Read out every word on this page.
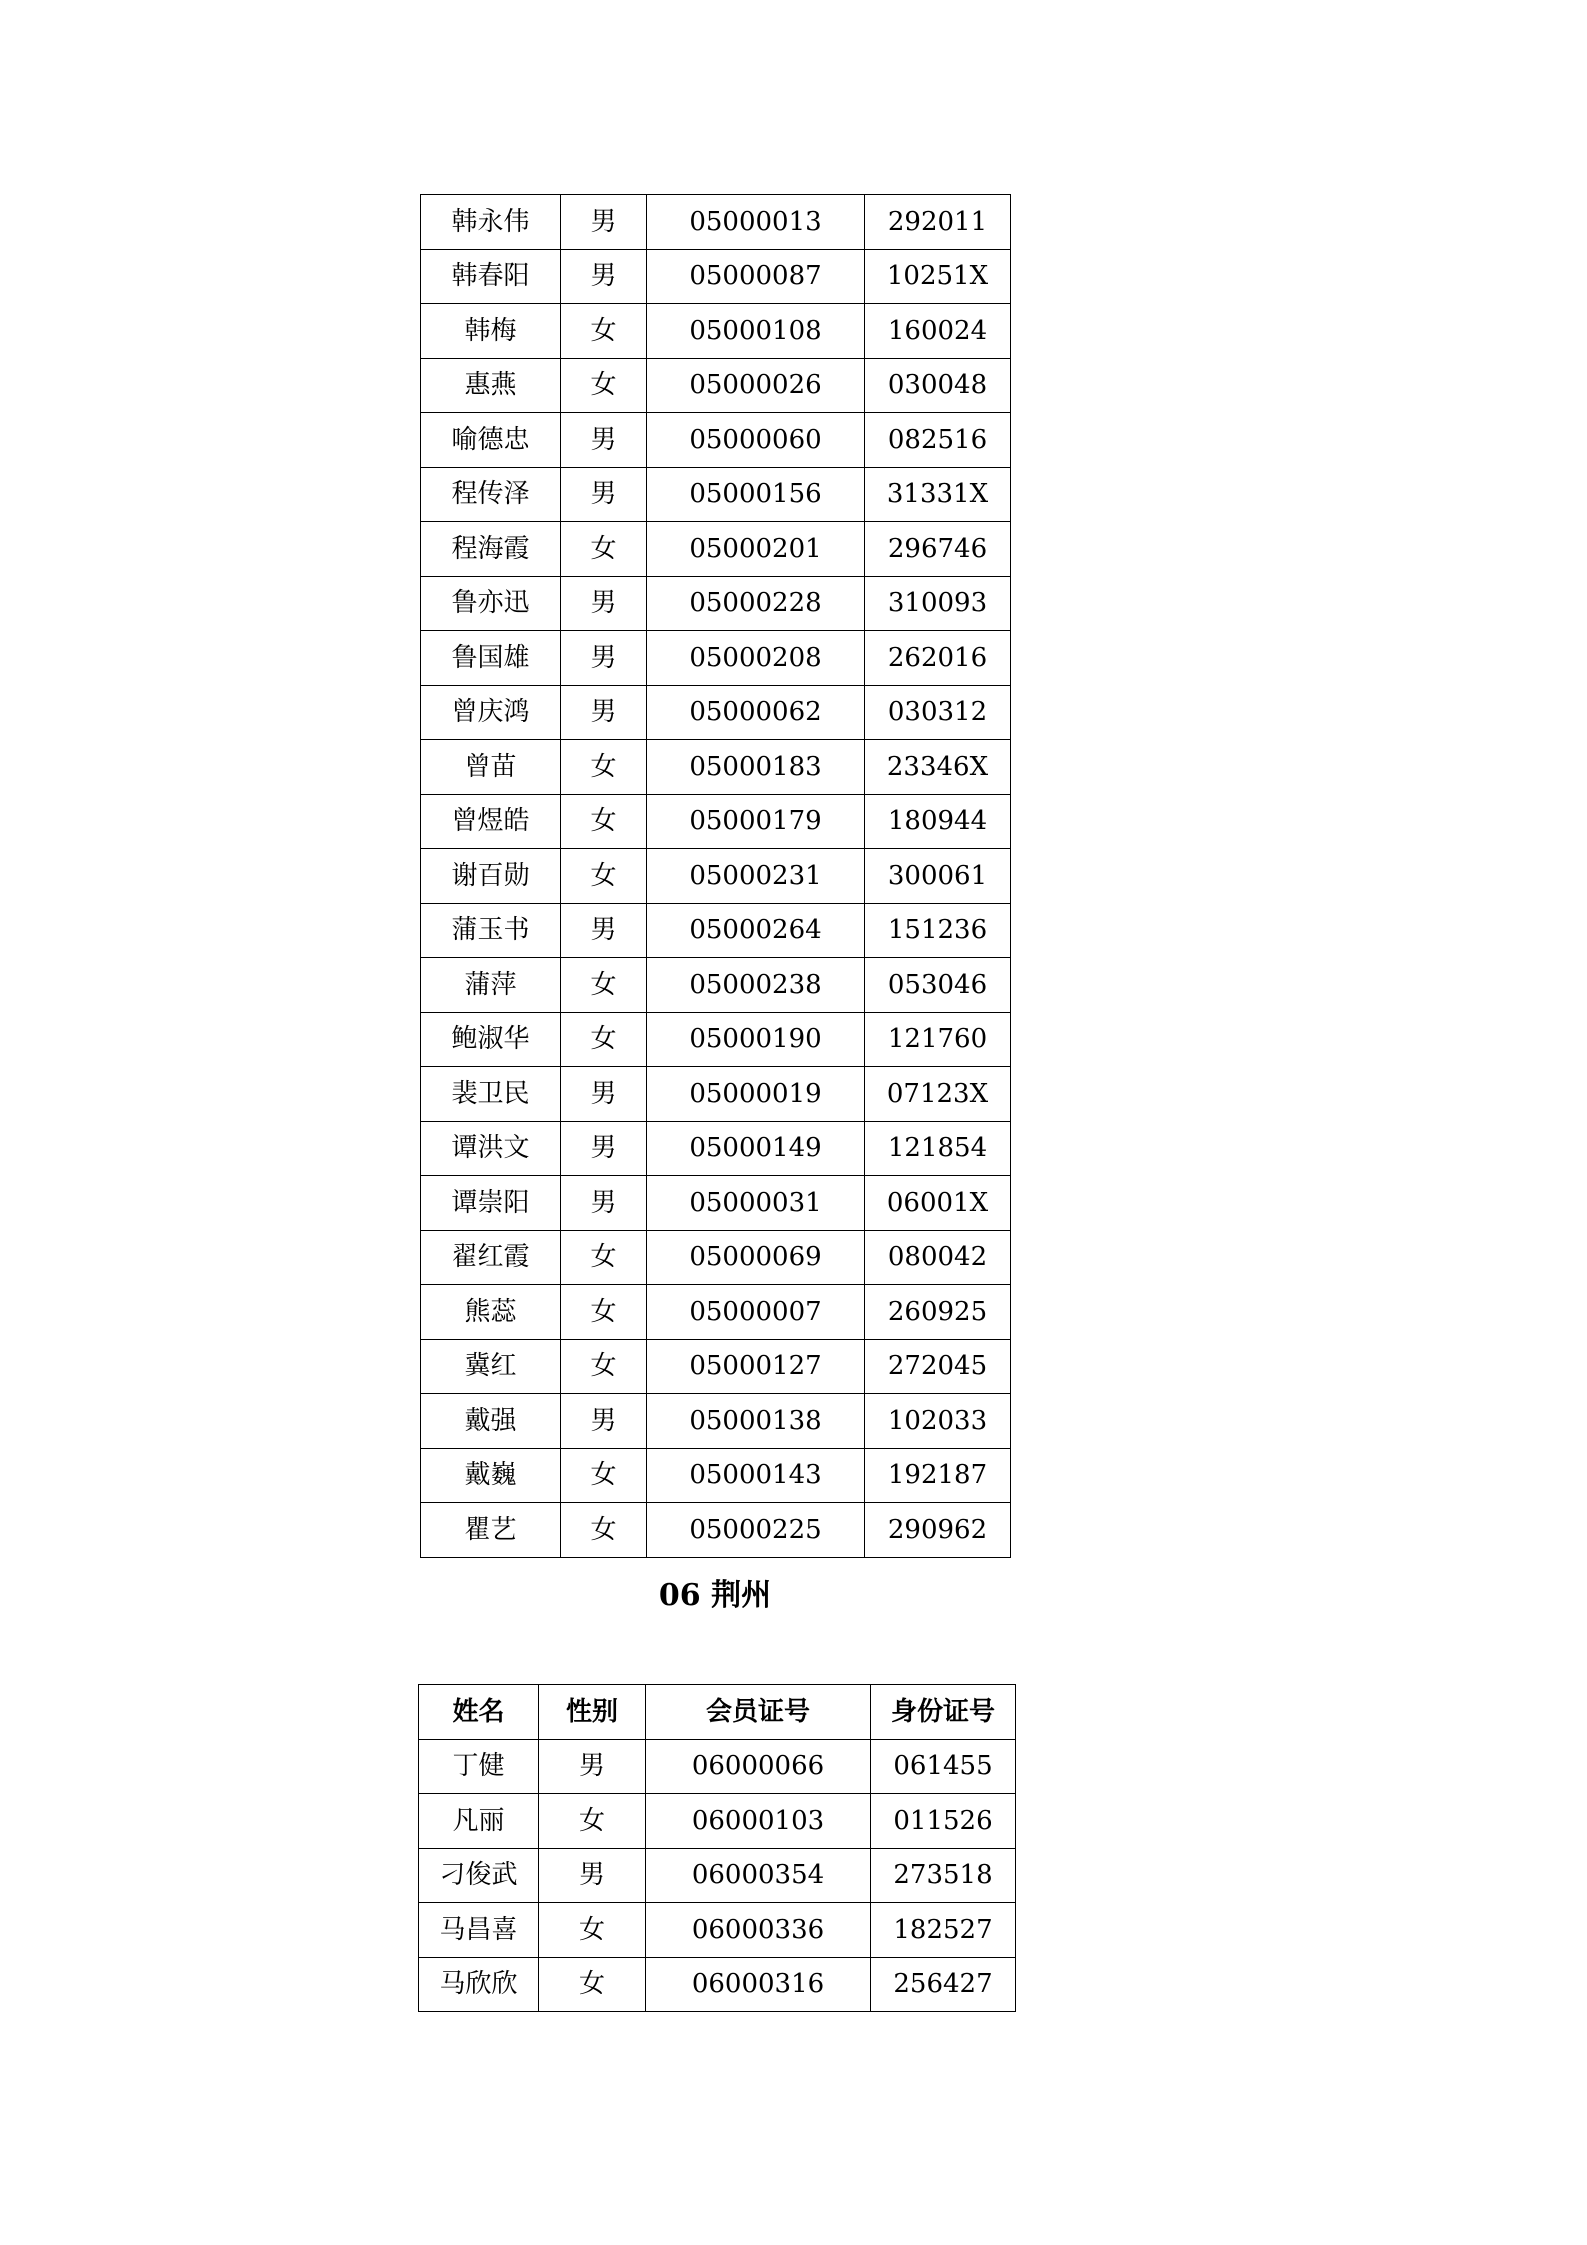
韩永伟	男	05000013	292011
韩春阳	男	05000087	10251X
韩梅	女	05000108	160024
惠燕	女	05000026	030048
喻德忠	男	05000060	082516
程传泽	男	05000156	31331X
程海霞	女	05000201	296746
鲁亦迅	男	05000228	310093
鲁国雄	男	05000208	262016
曾庆鸿	男	05000062	030312
曾苗	女	05000183	23346X
曾煜皓	女	05000179	180944
谢百勋	女	05000231	300061
蒲玉书	男	05000264	151236
蒲萍	女	05000238	053046
鲍淑华	女	05000190	121760
裴卫民	男	05000019	07123X
谭洪文	男	05000149	121854
谭崇阳	男	05000031	06001X
翟红霞	女	05000069	080042
熊蕊	女	05000007	260925
冀红	女	05000127	272045
戴强	男	05000138	102033
戴巍	女	05000143	192187
瞿艺	女	05000225	290962
06 荆州
姓名	性别	会员证号	身份证号
丁健	男	06000066	061455
凡丽	女	06000103	011526
刁俊武	男	06000354	273518
马昌喜	女	06000336	182527
马欣欣	女	06000316	256427
